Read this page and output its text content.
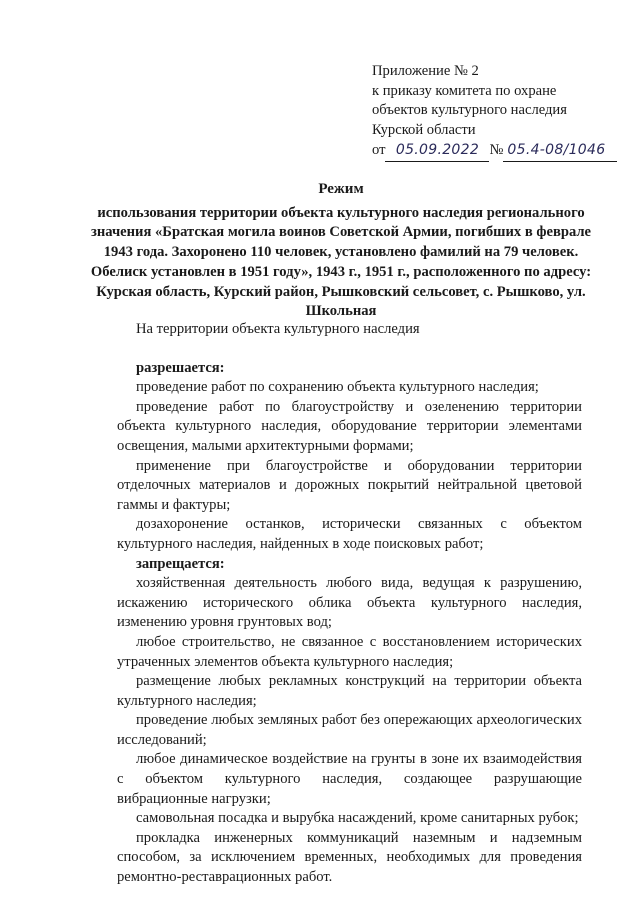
Приложение № 2
к приказу комитета по охране
объектов культурного наследия
Курской области
от 05.09.2022 № 05.4-08/1046
Режим
использования территории объекта культурного наследия регионального значения «Братская могила воинов Советской Армии, погибших в феврале 1943 года. Захоронено 110 человек, установлено фамилий на 79 человек. Обелиск установлен в 1951 году», 1943 г., 1951 г., расположенного по адресу: Курская область, Курский район, Рышковский сельсовет, с. Рышково, ул. Школьная

На территории объекта культурного наследия

разрешается:

проведение работ по сохранению объекта культурного наследия;

проведение работ по благоустройству и озеленению территории объекта культурного наследия, оборудование территории элементами освещения, малыми архитектурными формами;

применение при благоустройстве и оборудовании территории отделочных материалов и дорожных покрытий нейтральной цветовой гаммы и фактуры;

дозахоронение останков, исторически связанных с объектом культурного наследия, найденных в ходе поисковых работ;

запрещается:

хозяйственная деятельность любого вида, ведущая к разрушению, искажению исторического облика объекта культурного наследия, изменению уровня грунтовых вод;

любое строительство, не связанное с восстановлением исторических утраченных элементов объекта культурного наследия;

размещение любых рекламных конструкций на территории объекта культурного наследия;

проведение любых земляных работ без опережающих археологических исследований;

любое динамическое воздействие на грунты в зоне их взаимодействия с объектом культурного наследия, создающее разрушающие вибрационные нагрузки;

самовольная посадка и вырубка насаждений, кроме санитарных рубок;

прокладка инженерных коммуникаций наземным и надземным способом, за исключением временных, необходимых для проведения ремонтно-реставрационных работ.
